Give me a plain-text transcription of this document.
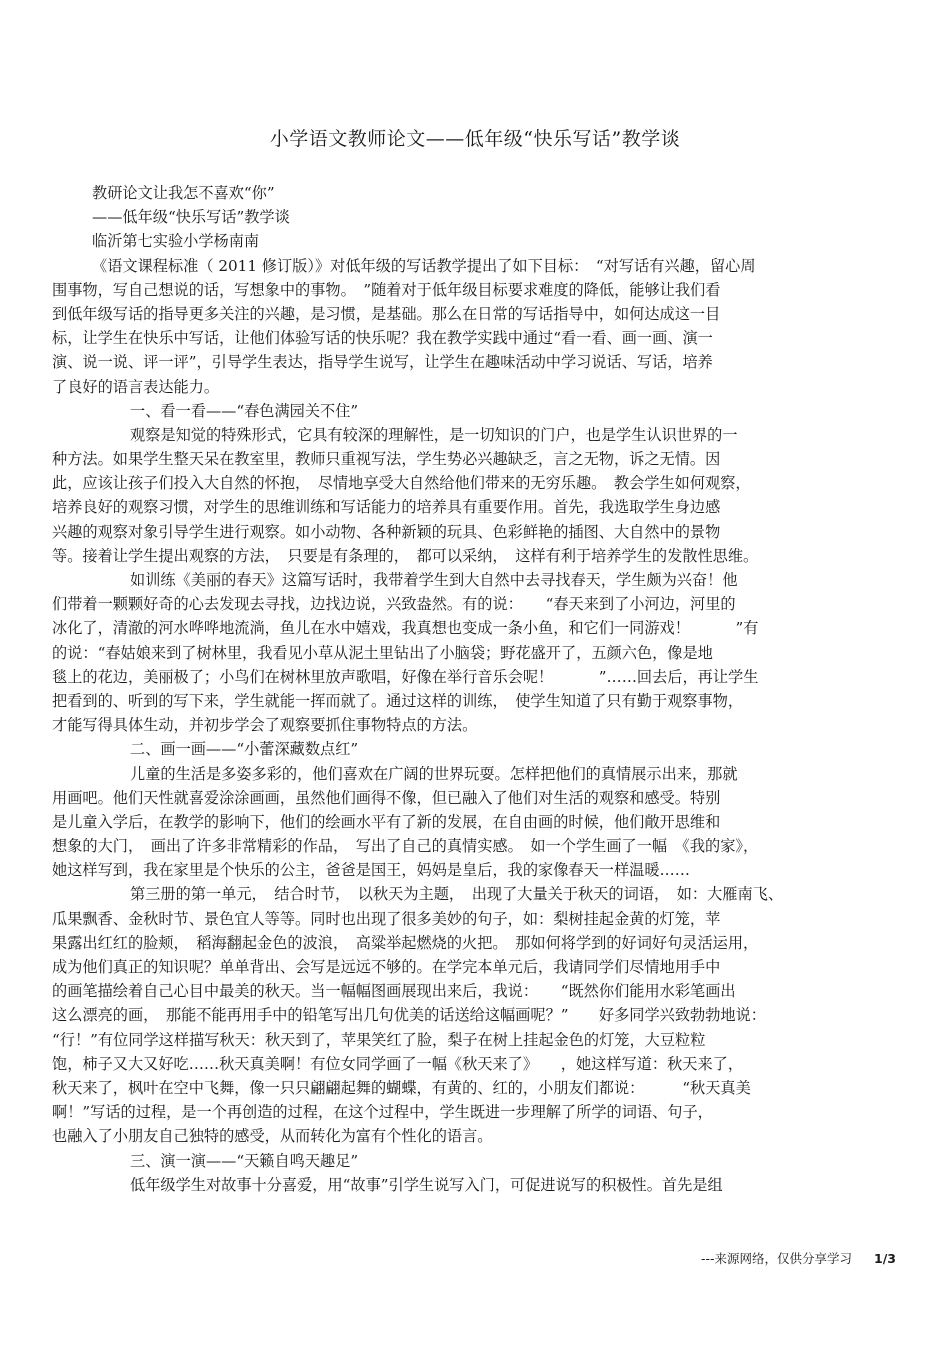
小学语文教师论文——低年级“快乐写话”教学谈
教研论文让我怎不喜欢“你”
——低年级“快乐写话”教学谈
临沂第七实验小学杨南南
《语文课程标准（ 2011 修订版）》对低年级的写话教学提出了如下目标：　“对写话有兴趣，留心周
围事物，写自己想说的话，写想象中的事物。　”随着对于低年级目标要求难度的降低，能够让我们看
到低年级写话的指导更多关注的兴趣，是习惯，是基础。那么在日常的写话指导中，如何达成这一目
标，让学生在快乐中写话，让他们体验写话的快乐呢？我在教学实践中通过“看一看、画一画、演一
演、说一说、评一评”，引导学生表达，指导学生说写，让学生在趣味活动中学习说话、写话，培养
了良好的语言表达能力。
一、看一看——“春色满园关不住”
观察是知觉的特殊形式，它具有较深的理解性，是一切知识的门户，也是学生认识世界的一
种方法。如果学生整天呆在教室里，教师只重视写法，学生势必兴趣缺乏，言之无物，诉之无情。因
此，应该让孩子们投入大自然的怀抱，　尽情地享受大自然给他们带来的无穷乐趣。　教会学生如何观察，
培养良好的观察习惯，对学生的思维训练和写话能力的培养具有重要作用。首先，我选取学生身边感
兴趣的观察对象引导学生进行观察。如小动物、各种新颖的玩具、色彩鲜艳的插图、大自然中的景物
等。接着让学生提出观察的方法，　只要是有条理的，　都可以采纳，　这样有利于培养学生的发散性思维。
如训练《美丽的春天》这篇写话时，我带着学生到大自然中去寻找春天，学生颇为兴奋！他
们带着一颗颗好奇的心去发现去寻找，边找边说，兴致盎然。有的说：　　“春天来到了小河边，河里的
冰化了，清澈的河水哗哗地流淌，鱼儿在水中嬉戏，我真想也变成一条小鱼，和它们一同游戏！　　　”有
的说：“春姑娘来到了树林里，我看见小草从泥土里钻出了小脑袋；野花盛开了，五颜六色，像是地
毯上的花边，美丽极了；小鸟们在树林里放声歌唱，好像在举行音乐会呢！　　　”……回去后，再让学生
把看到的、听到的写下来，学生就能一挥而就了。通过这样的训练，　使学生知道了只有勤于观察事物，
才能写得具体生动，并初步学会了观察要抓住事物特点的方法。
二、画一画——“小蕾深藏数点红”
儿童的生活是多姿多彩的，他们喜欢在广阔的世界玩耍。怎样把他们的真情展示出来，那就
用画吧。他们天性就喜爱涂涂画画，虽然他们画得不像，但已融入了他们对生活的观察和感受。特别
是儿童入学后，在教学的影响下，他们的绘画水平有了新的发展，在自由画的时候，他们敞开思维和
想象的大门，　画出了许多非常精彩的作品，　写出了自己的真情实感。　如一个学生画了一幅　《我的家》，
她这样写到，我在家里是个快乐的公主，爸爸是国王，妈妈是皇后，我的家像春天一样温暖……
第三册的第一单元，　结合时节，　以秋天为主题，　出现了大量关于秋天的词语，　如：大雁南飞、
瓜果飘香、金秋时节、景色宜人等等。同时也出现了很多美妙的句子，如：梨树挂起金黄的灯笼，苹
果露出红红的脸颊，　稻海翻起金色的波浪，　高粱举起燃烧的火把。　那如何将学到的好词好句灵活运用，
成为他们真正的知识呢？单单背出、会写是远远不够的。在学完本单元后，我请同学们尽情地用手中
的画笔描绘着自己心目中最美的秋天。当一幅幅图画展现出来后，我说：　　“既然你们能用水彩笔画出
这么漂亮的画，　那能不能再用手中的铅笔写出几句优美的话送给这幅画呢？”　　好多同学兴致勃勃地说：
“行！”有位同学这样描写秋天：秋天到了，苹果笑红了脸，梨子在树上挂起金色的灯笼，大豆粒粒
饱，柿子又大又好吃……秋天真美啊！有位女同学画了一幅《秋天来了》　　，她这样写道：秋天来了，
秋天来了，枫叶在空中飞舞，像一只只翩翩起舞的蝴蝶，有黄的、红的，小朋友们都说：　　　“秋天真美
啊！”写话的过程，是一个再创造的过程，在这个过程中，学生既进一步理解了所学的词语、句子，
也融入了小朋友自己独特的感受，从而转化为富有个性化的语言。
三、演一演——“天籁自鸣天趣足”
低年级学生对故事十分喜爱，用“故事”引学生说写入门，可促进说写的积极性。首先是组
---来源网络，仅供分享学习 1/3
